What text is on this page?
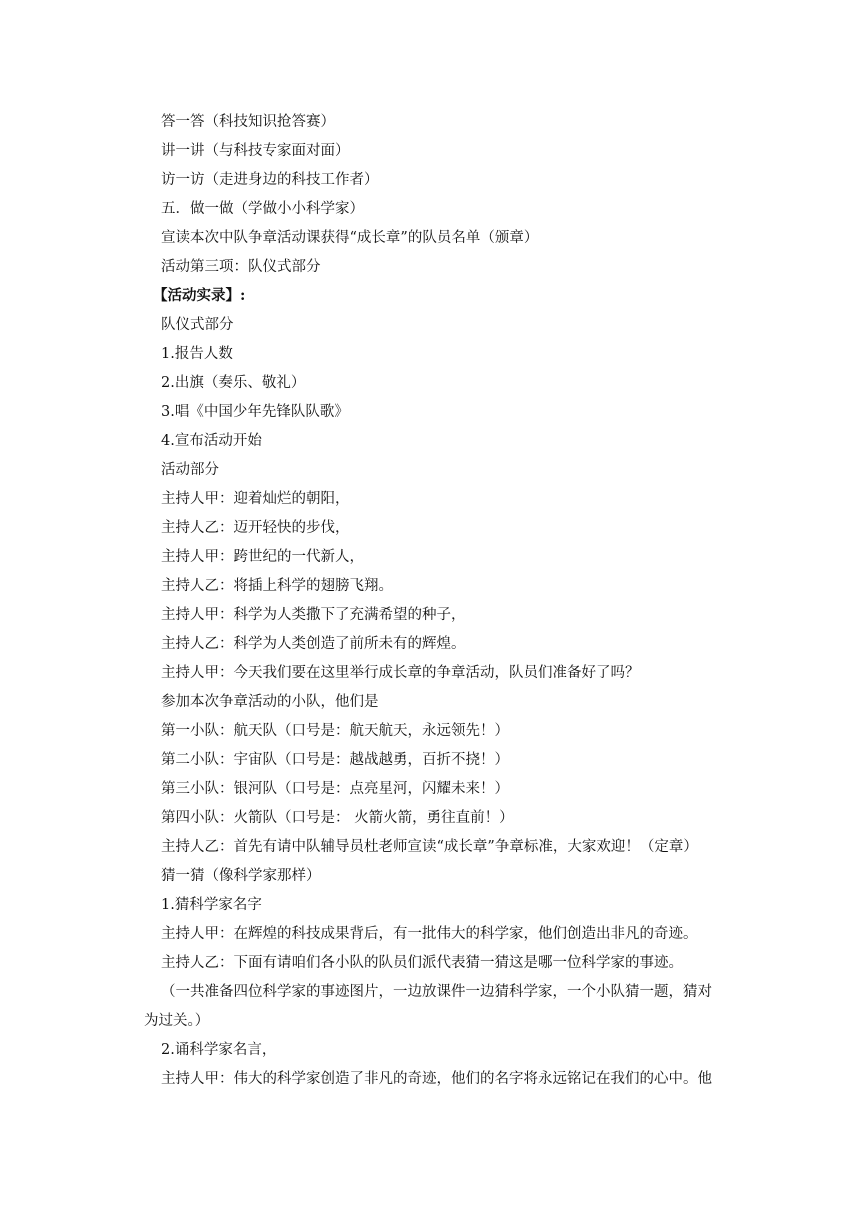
答一答（科技知识抢答赛）
讲一讲（与科技专家面对面）
访一访（走进身边的科技工作者）
五．做一做（学做小小科学家）
宣读本次中队争章活动课获得“成长章”的队员名单（颁章）
活动第三项：队仪式部分
【活动实录】:
队仪式部分
1.报告人数
2.出旗（奏乐、敬礼）
3.唱《中国少年先锋队队歌》
4.宣布活动开始
活动部分
主持人甲：迎着灿烂的朝阳，
主持人乙：迈开轻快的步伐，
主持人甲：跨世纪的一代新人，
主持人乙：将插上科学的翅膀飞翔。
主持人甲：科学为人类撒下了充满希望的种子，
主持人乙：科学为人类创造了前所未有的辉煌。
主持人甲：今天我们要在这里举行成长章的争章活动，队员们准备好了吗？
参加本次争章活动的小队，他们是
第一小队：航天队（口号是：航天航天，永远领先！）
第二小队：宇宙队（口号是：越战越勇，百折不挠！）
第三小队：银河队（口号是：点亮星河，闪耀未来！）
第四小队：火箭队（口号是： 火箭火箭，勇往直前！）
主持人乙：首先有请中队辅导员杜老师宣读“成长章”争章标准，大家欢迎！（定章）
猜一猜（像科学家那样）
1.猜科学家名字
主持人甲：在辉煌的科技成果背后，有一批伟大的科学家，他们创造出非凡的奇迹。
主持人乙：下面有请咱们各小队的队员们派代表猜一猜这是哪一位科学家的事迹。
（一共准备四位科学家的事迹图片，一边放课件一边猜科学家，一个小队猜一题，猜对
为过关。）
2.诵科学家名言，
主持人甲：伟大的科学家创造了非凡的奇迹，他们的名字将永远铭记在我们的心中。他
